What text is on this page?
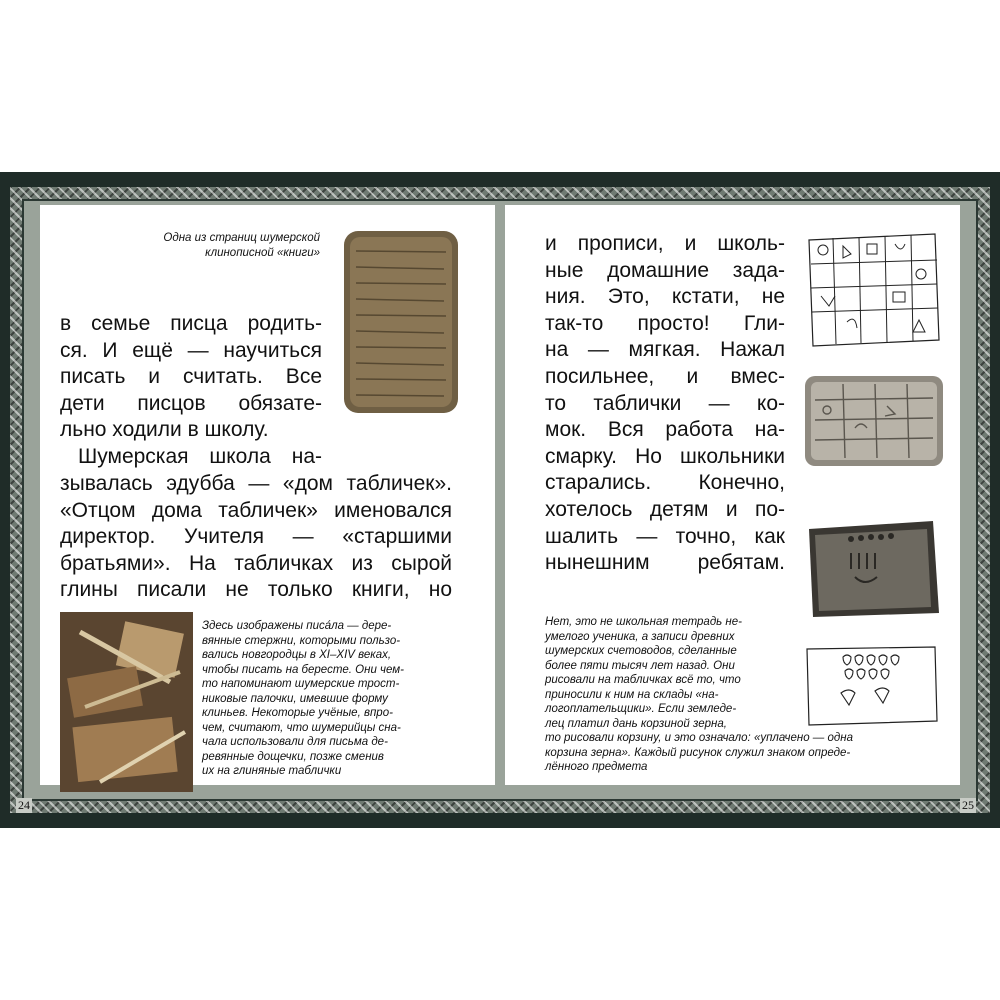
24	25
Одна из страниц шумерской
клинописной «книги»
в семье писца родить-
ся. И ещё — научиться
писать и считать. Все
дети писцов обязате-
льно ходили в школу.
Шумерская школа на-
зывалась эдубба — «дом табличек».
«Отцом дома табличек» именовался
директор. Учителя — «старшими
братьями». На табличках из сырой
глины писали не только книги, но
Здесь изображены писа́ла — дере-
вянные стержни, которыми пользо-
вались новгородцы в XI–XIV веках,
чтобы писать на бересте. Они чем-
то напоминают шумерские трост-
никовые палочки, имевшие форму
клиньев. Некоторые учёные, впро-
чем, считают, что шумерийцы сна-
чала использовали для письма де-
ревянные дощечки, позже сменив
их на глиняные таблички
и прописи, и школь-
ные домашние зада-
ния. Это, кстати, не
так-то просто! Гли-
на — мягкая. Нажал
посильнее, и вмес-
то таблички — ко-
мок. Вся работа на-
смарку. Но школьники
старались. Конечно,
хотелось детям и по-
шалить — точно, как
нынешним ребятам.
Нет, это не школьная тетрадь не-
умелого ученика, а записи древних
шумерских счетоводов, сделанные
более пяти тысяч лет назад. Они
рисовали на табличках всё то, что
приносили к ним на склады «на-
логоплательщики». Если земледе-
лец платил дань корзиной зерна,
то рисовали корзину, и это означало: «уплачено — одна
корзина зерна». Каждый рисунок служил знаком опреде-
лённого предмета
